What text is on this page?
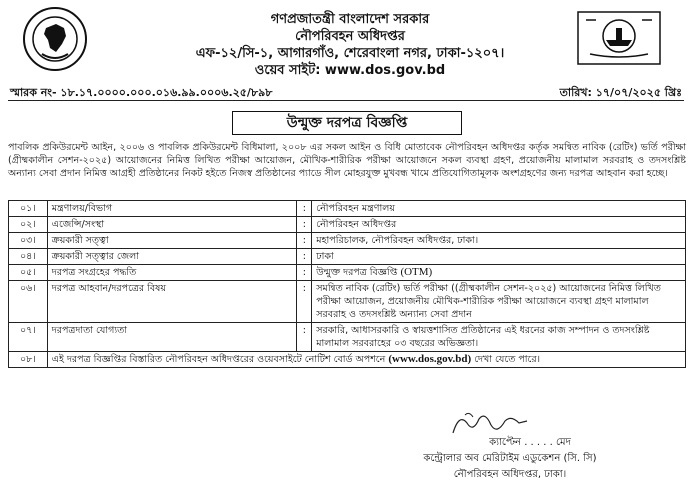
গণপ্রজাতন্ত্রী বাংলাদেশ সরকার
নৌপরিবহন অধিদপ্তর
এফ-১২/সি-১, আগারগাঁও, শেরেবাংলা নগর, ঢাকা-১২০৭।
ওয়েব সাইট: www.dos.gov.bd
স্মারক নং- ১৮.১৭.০০০০.০০০.০১৬.৯৯.০০০৬.২৫/৮৯৮	তারিখ: ১৭/০৭/২০২৫ খ্রিঃ
উন্মুক্ত দরপত্র বিজ্ঞপ্তি
পাবলিক প্রকিউরমেন্ট আইন, ২০০৬ ও পাবলিক প্রকিউরমেন্ট বিধিমালা, ২০০৮ এর সকল আইন ও বিধি মোতাবেক নৌপরিবহন অধিদপ্তর কর্তৃক সমন্বিত নাবিক (রেটিং) ভর্তি পরীক্ষা (গ্রীষ্মকালীন সেশন-২০২৫) আয়োজনের নিমিত্ত লিখিত পরীক্ষা আয়োজন, মৌখিক-শারীরিক পরীক্ষা আয়োজনে সকল ব্যবস্থা গ্রহণ, প্রয়োজনীয় মালামাল সরবরাহ ও তদসংশ্লিষ্ট অন্যান্য সেবা প্রদান নিমিত্ত আগ্রহী প্রতিষ্ঠানের নিকট হইতে নিজস্ব প্রতিষ্ঠানের প্যাডে সীল মোহরযুক্ত মুখবন্ধ খামে প্রতিযোগিতামূলক অংশগ্রহণের জন্য দরপত্র আহবান করা হচ্ছে।
০১।	মন্ত্রণালয়/বিভাগ	:	নৌপরিবহন মন্ত্রণালয়
০২।	এজেন্সি/সংস্থা	:	নৌপরিবহন অধিদপ্তর
০৩।	ক্রয়কারী সত্ত্বা	:	মহাপরিচালক, নৌপরিবহন অধিদপ্তর, ঢাকা।
০৪।	ক্রয়কারী সত্ত্বার জেলা	:	ঢাকা
০৫।	দরপত্র সংগ্রহের পদ্ধতি	:	উন্মুক্ত দরপত্র বিজ্ঞপ্তি (OTM)
০৬।	দরপত্র আহবান/দরপত্রের বিষয়	:	সমন্বিত নাবিক (রেটিং) ভর্তি পরীক্ষা ((গ্রীষ্মকালীন সেশন-২০২৫) আয়োজনের নিমিত্ত লিখিত পরীক্ষা আয়োজন, প্রয়োজনীয় মৌখিক-শারীরিক পরীক্ষা আয়োজনে ব্যবস্থা গ্রহণ মালামাল সরবরাহ ও তদসংশ্লিষ্ট অন্যান্য সেবা প্রদান
০৭।	দরপত্রদাতা যোগ্যতা	:	সরকারি, আধাসরকারি ও স্বায়ত্তশাসিত প্রতিষ্ঠানের এই ধরনের কাজ সম্পাদন ও তদসংশ্লিষ্ট মালামাল সরবরাহের ০৩ বছরের অভিজ্ঞতা।
০৮।	এই দরপত্র বিজ্ঞপ্তির বিস্তারিত নৌপরিবহন অধিদপ্তরের ওয়েবসাইটে নোটিশ বোর্ড অপশনে (www.dos.gov.bd) দেখা যেতে পারে।		
ক্যাপ্টেন . . . . . মেদ
কন্ট্রোলার অব মেরিটাইম এডুকেশন (সি. সি)
নৌপরিবহন অধিদপ্তর, ঢাকা।
